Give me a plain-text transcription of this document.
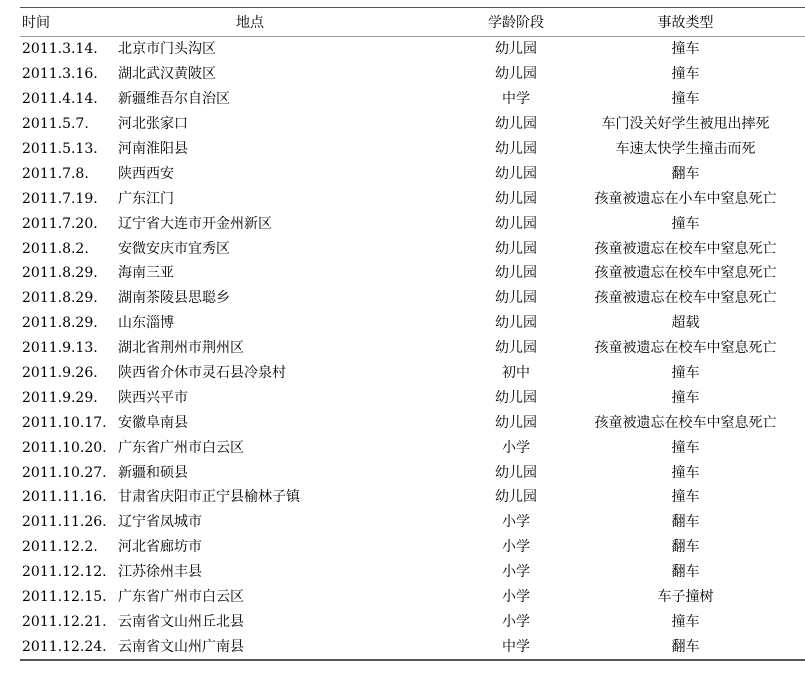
时间	地点	学龄阶段	事故类型
2011.3.14.	北京市门头沟区	幼儿园	撞车
2011.3.16.	湖北武汉黄陂区	幼儿园	撞车
2011.4.14.	新疆维吾尔自治区	中学	撞车
2011.5.7.	河北张家口	幼儿园	车门没关好学生被甩出摔死
2011.5.13.	河南淮阳县	幼儿园	车速太快学生撞击而死
2011.7.8.	陕西西安	幼儿园	翻车
2011.7.19.	广东江门	幼儿园	孩童被遗忘在小车中窒息死亡
2011.7.20.	辽宁省大连市开金州新区	幼儿园	撞车
2011.8.2.	安微安庆市宜秀区	幼儿园	孩童被遗忘在校车中窒息死亡
2011.8.29.	海南三亚	幼儿园	孩童被遗忘在校车中窒息死亡
2011.8.29.	湖南茶陵县思聪乡	幼儿园	孩童被遗忘在校车中窒息死亡
2011.8.29.	山东淄博	幼儿园	超载
2011.9.13.	湖北省荆州市荆州区	幼儿园	孩童被遗忘在校车中窒息死亡
2011.9.26.	陕西省介休市灵石县冷泉村	初中	撞车
2011.9.29.	陕西兴平市	幼儿园	撞车
2011.10.17.	安徽阜南县	幼儿园	孩童被遗忘在校车中窒息死亡
2011.10.20.	广东省广州市白云区	小学	撞车
2011.10.27.	新疆和硕县	幼儿园	撞车
2011.11.16.	甘肃省庆阳市正宁县榆林子镇	幼儿园	撞车
2011.11.26.	辽宁省凤城市	小学	翻车
2011.12.2.	河北省廊坊市	小学	翻车
2011.12.12.	江苏徐州丰县	小学	翻车
2011.12.15.	广东省广州市白云区	小学	车子撞树
2011.12.21.	云南省文山州丘北县	小学	撞车
2011.12.24.	云南省文山州广南县	中学	翻车
